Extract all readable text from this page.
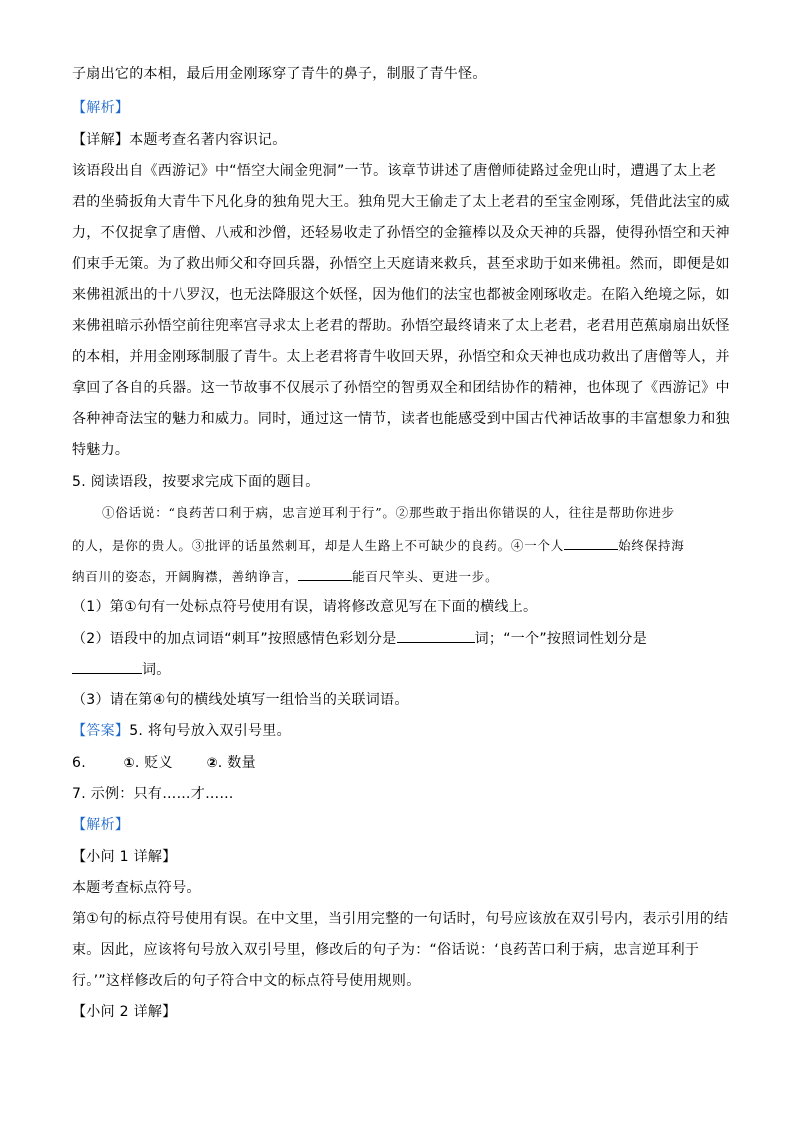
子扇出它的本相，最后用金刚琢穿了青牛的鼻子，制服了青牛怪。
【解析】
【详解】本题考查名著内容识记。
该语段出自《西游记》中“悟空大闹金兜洞”一节。该章节讲述了唐僧师徒路过金兜山时，遭遇了太上老
君的坐骑扳角大青牛下凡化身的独角兕大王。独角兕大王偷走了太上老君的至宝金刚琢，凭借此法宝的威
力，不仅捉拿了唐僧、八戒和沙僧，还轻易收走了孙悟空的金箍棒以及众天神的兵器，使得孙悟空和天神
们束手无策。为了救出师父和夺回兵器，孙悟空上天庭请来救兵，甚至求助于如来佛祖。然而，即便是如
来佛祖派出的十八罗汉，也无法降服这个妖怪，因为他们的法宝也都被金刚琢收走。在陷入绝境之际，如
来佛祖暗示孙悟空前往兜率宫寻求太上老君的帮助。孙悟空最终请来了太上老君，老君用芭蕉扇扇出妖怪
的本相，并用金刚琢制服了青牛。太上老君将青牛收回天界，孙悟空和众天神也成功救出了唐僧等人，并
拿回了各自的兵器。这一节故事不仅展示了孙悟空的智勇双全和团结协作的精神，也体现了《西游记》中
各种神奇法宝的魅力和威力。同时，通过这一情节，读者也能感受到中国古代神话故事的丰富想象力和独
特魅力。
5. 阅读语段，按要求完成下面的题目。
①俗话说：“良药苦口利于病，忠言逆耳利于行”。②那些敢于指出你错误的人，往往是帮助你进步
的人，是你的贵人。③批评的话虽然刺耳，却是人生路上不可缺少的良药。④一个人	始终保持海
纳百川的姿态，开阔胸襟，善纳诤言，	能百尺竿头、更进一步。
（1）第①句有一处标点符号使用有误，请将修改意见写在下面的横线上。
（2）语段中的加点词语“刺耳”按照感情色彩划分是	词；“一个”按照词性划分是
词。
（3）请在第④句的横线处填写一组恰当的关联词语。
【答案】5. 将句号放入双引号里。
6.	①. 贬义	②. 数量
7. 示例：只有……才……
【解析】
【小问 1 详解】
本题考查标点符号。
第①句的标点符号使用有误。在中文里，当引用完整的一句话时，句号应该放在双引号内，表示引用的结
束。因此，应该将句号放入双引号里，修改后的句子为：“俗话说：‘良药苦口利于病，忠言逆耳利于
行。’”这样修改后的句子符合中文的标点符号使用规则。
【小问 2 详解】
